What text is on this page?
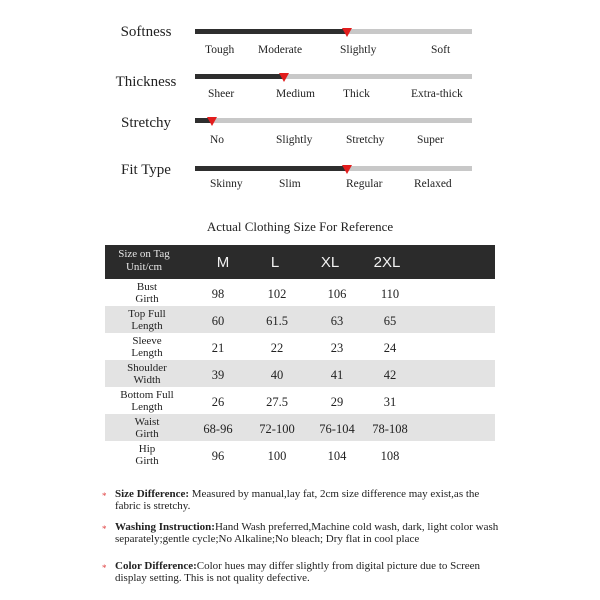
Softness
Tough Moderate	Slightly	Soft
Thickness
Sheer	Medium Thick	Extra-thick
Stretchy
No	Slightly	Stretchy	Super
Fit Type
Skinny	Slim	Regular	Relaxed
Actual Clothing Size For Reference
Size on Tag
Unit/cm	M	L	XL	2XL
Bust
Girth	98	102	106	110
Top Full
Length	60	61.5	63	65
Sleeve
Length	21	22	23	24
Shoulder
Width	39	40	41	42
Bottom Full
Length	26	27.5	29	31
Waist
Girth	68-96	72-100	76-104	78-108
Hip
Girth	96	100	104	108
* Size Difference: Measured by manual,lay fat, 2cm size difference may exist,as the fabric is stretchy.
* Washing Instruction:Hand Wash preferred,Machine cold wash, dark, light color wash separately;gentle cycle;No Alkaline;No bleach; Dry flat in cool place
* Color Difference:Color hues may differ slightly from digital picture due to Screen display setting. This is not quality defective.
